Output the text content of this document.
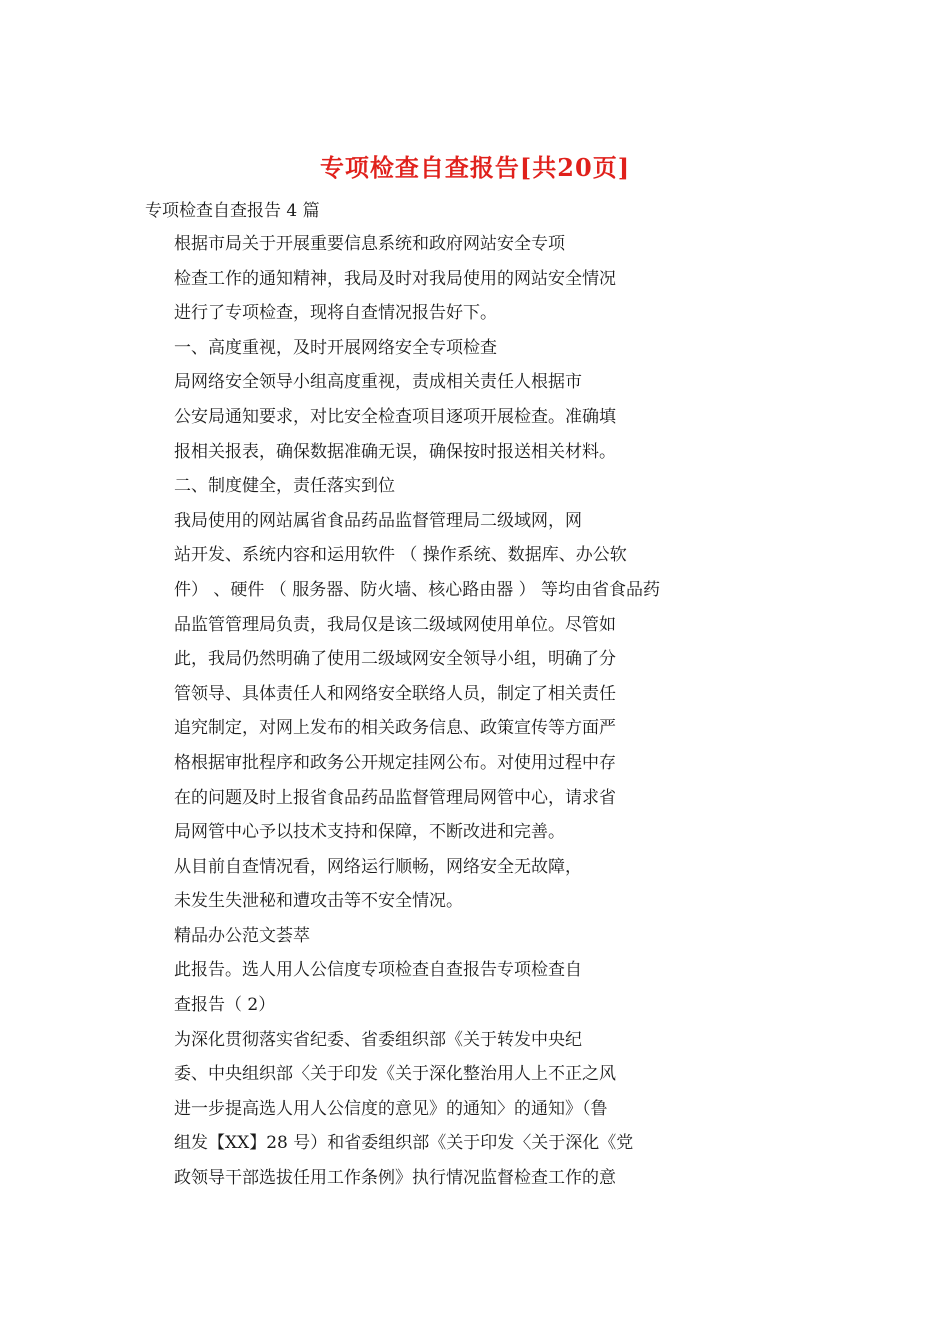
专项检查自查报告[共20页]
专项检查自查报告 4 篇
根据市局关于开展重要信息系统和政府网站安全专项
检查工作的通知精神，我局及时对我局使用的网站安全情况
进行了专项检查，现将自查情况报告好下。
一、高度重视，及时开展网络安全专项检查
局网络安全领导小组高度重视，责成相关责任人根据市
公安局通知要求，对比安全检查项目逐项开展检查。准确填
报相关报表，确保数据准确无误，确保按时报送相关材料。
二、制度健全，责任落实到位
我局使用的网站属省食品药品监督管理局二级域网，网
站开发、系统内容和运用软件 （ 操作系统、数据库、办公软
件） 、硬件 （ 服务器、防火墙、核心路由器 ） 等均由省食品药
品监管管理局负责，我局仅是该二级域网使用单位。尽管如
此，我局仍然明确了使用二级域网安全领导小组，明确了分
管领导、具体责任人和网络安全联络人员，制定了相关责任
追究制定，对网上发布的相关政务信息、政策宣传等方面严
格根据审批程序和政务公开规定挂网公布。对使用过程中存
在的问题及时上报省食品药品监督管理局网管中心，请求省
局网管中心予以技术支持和保障，不断改进和完善。
从目前自查情况看，网络运行顺畅，网络安全无故障，
未发生失泄秘和遭攻击等不安全情况。
精品办公范文荟萃
此报告。选人用人公信度专项检查自查报告专项检查自
查报告（ 2）
为深化贯彻落实省纪委、省委组织部《关于转发中央纪
委、中央组织部〈关于印发《关于深化整治用人上不正之风
进一步提高选人用人公信度的意见》的通知〉的通知》（鲁
组发【XX】28 号）和省委组织部《关于印发〈关于深化《党
政领导干部选拔任用工作条例》执行情况监督检查工作的意
